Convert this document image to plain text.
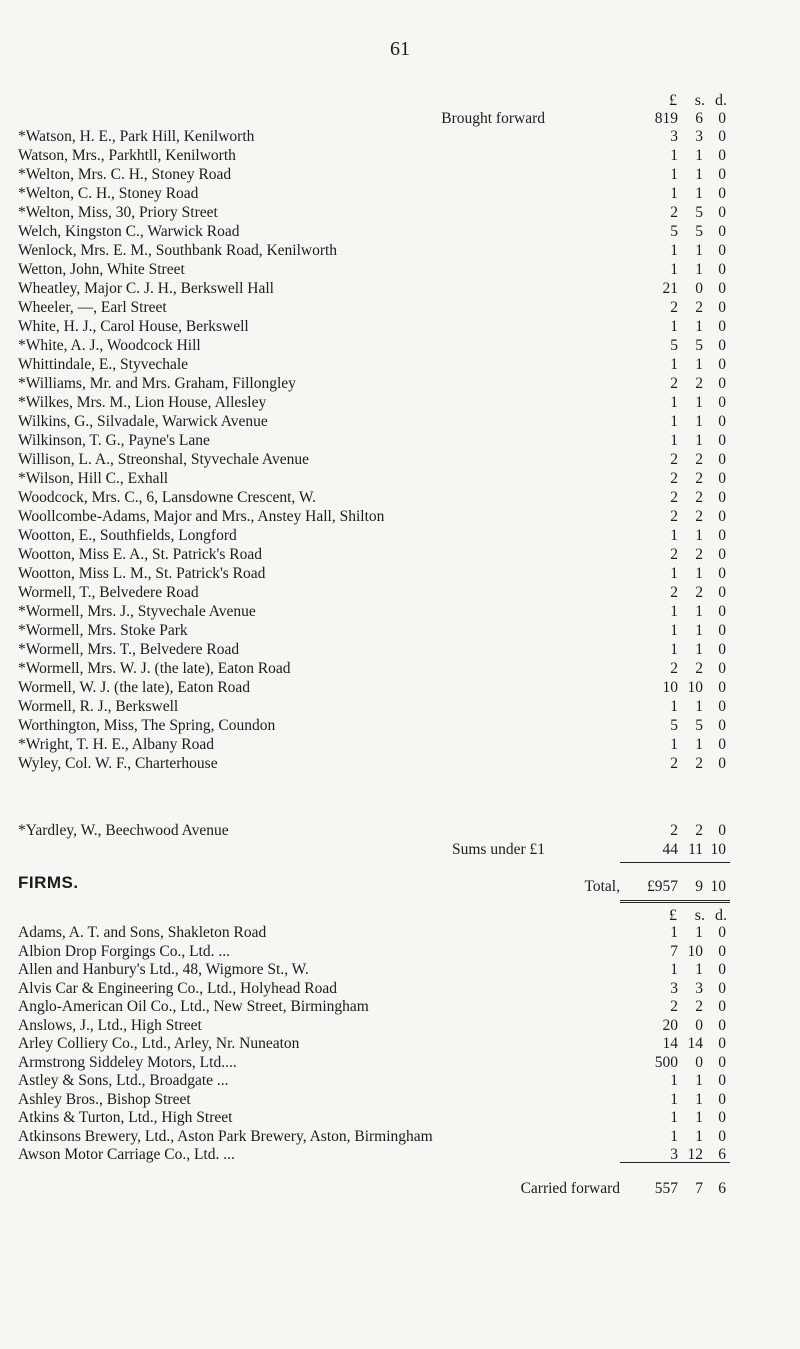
61
£ s. d.
Brought forward	819 6 0
*Watson, H. E., Park Hill, Kenilworth	3 3 0
Watson, Mrs., Parkhtll, Kenilworth	1 1 0
*Welton, Mrs. C. H., Stoney Road	1 1 0
*Welton, C. H., Stoney Road	1 1 0
*Welton, Miss, 30, Priory Street	2 5 0
Welch, Kingston C., Warwick Road	5 5 0
Wenlock, Mrs. E. M., Southbank Road, Kenilworth	1 1 0
Wetton, John, White Street	1 1 0
Wheatley, Major C. J. H., Berkswell Hall	21 0 0
Wheeler, —, Earl Street	2 2 0
White, H. J., Carol House, Berkswell	1 1 0
*White, A. J., Woodcock Hill	5 5 0
Whittindale, E., Styvechale	1 1 0
*Williams, Mr. and Mrs. Graham, Fillongley	2 2 0
*Wilkes, Mrs. M., Lion House, Allesley	1 1 0
Wilkins, G., Silvadale, Warwick Avenue	1 1 0
Wilkinson, T. G., Payne's Lane	1 1 0
Willison, L. A., Streonshal, Styvechale Avenue	2 2 0
*Wilson, Hill C., Exhall	2 2 0
Woodcock, Mrs. C., 6, Lansdowne Crescent, W.	2 2 0
Woollcombe-Adams, Major and Mrs., Anstey Hall, Shilton	2 2 0
Wootton, E., Southfields, Longford	1 1 0
Wootton, Miss E. A., St. Patrick's Road	2 2 0
Wootton, Miss L. M., St. Patrick's Road	1 1 0
Wormell, T., Belvedere Road	2 2 0
*Wormell, Mrs. J., Styvechale Avenue	1 1 0
*Wormell, Mrs. Stoke Park	1 1 0
*Wormell, Mrs. T., Belvedere Road	1 1 0
*Wormell, Mrs. W. J. (the late), Eaton Road	2 2 0
Wormell, W. J. (the late), Eaton Road	10 10 0
Wormell, R. J., Berkswell	1 1 0
Worthington, Miss, The Spring, Coundon	5 5 0
*Wright, T. H. E., Albany Road	1 1 0
Wyley, Col. W. F., Charterhouse	2 2 0
*Yardley, W., Beechwood Avenue	2 2 0
Sums under £1	44 11 10
Total, £957 9 10
FIRMS.
£ s. d.
Adams, A. T. and Sons, Shakleton Road	1 1 0
Albion Drop Forgings Co., Ltd. ...	7 10 0
Allen and Hanbury's Ltd., 48, Wigmore St., W.	1 1 0
Alvis Car & Engineering Co., Ltd., Holyhead Road	3 3 0
Anglo-American Oil Co., Ltd., New Street, Birmingham	2 2 0
Anslows, J., Ltd., High Street	20 0 0
Arley Colliery Co., Ltd., Arley, Nr. Nuneaton	14 14 0
Armstrong Siddeley Motors, Ltd....	500 0 0
Astley & Sons, Ltd., Broadgate ...	1 1 0
Ashley Bros., Bishop Street	1 1 0
Atkins & Turton, Ltd., High Street	1 1 0
Atkinsons Brewery, Ltd., Aston Park Brewery, Aston, Birmingham	1 1 0
Awson Motor Carriage Co., Ltd. ...	3 12 6
Carried forward 557 7 6
